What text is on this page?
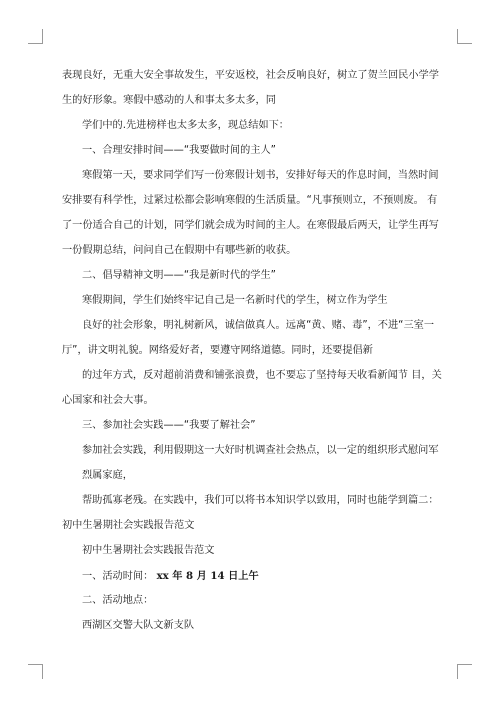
表现良好，无重大安全事故发生，平安返校，社会反响良好，树立了贺兰回民小学学
生的好形象。寒假中感动的人和事太多太多，同
学们中的.先进榜样也太多太多，现总结如下：
一、合理安排时间——“我要做时间的主人”
寒假第一天，要求同学们写一份寒假计划书，安排好每天的作息时间，当然时间
安排要有科学性，过紧过松都会影响寒假的生活质量。“凡事预则立，不预则废。 有
了一份适合自己的计划，同学们就会成为时间的主人。在寒假最后两天，让学生再写
一份假期总结，问问自己在假期中有哪些新的收获。
二、倡导精神文明——“我是新时代的学生”
寒假期间，学生们始终牢记自己是一名新时代的学生，树立作为学生
良好的社会形象，明礼树新风，诚信做真人。远离“黄、赌、毒”，不进“三室一
厅”，讲文明礼貌。网络爱好者，要遵守网络道德。同时，还要提倡新
的过年方式，反对超前消费和铺张浪费，也不要忘了坚持每天收看新闻节 目，关
心国家和社会大事。
三、参加社会实践——“我要了解社会”
参加社会实践，利用假期这一大好时机调查社会热点，以一定的组织形式慰问军
烈属家庭，
帮助孤寡老残。在实践中，我们可以将书本知识学以致用，同时也能学到篇二：
初中生暑期社会实践报告范文
初中生暑期社会实践报告范文
一、活动时间： xx 年 8 月 14 日上午
二、活动地点：
西湖区交警大队文新支队
